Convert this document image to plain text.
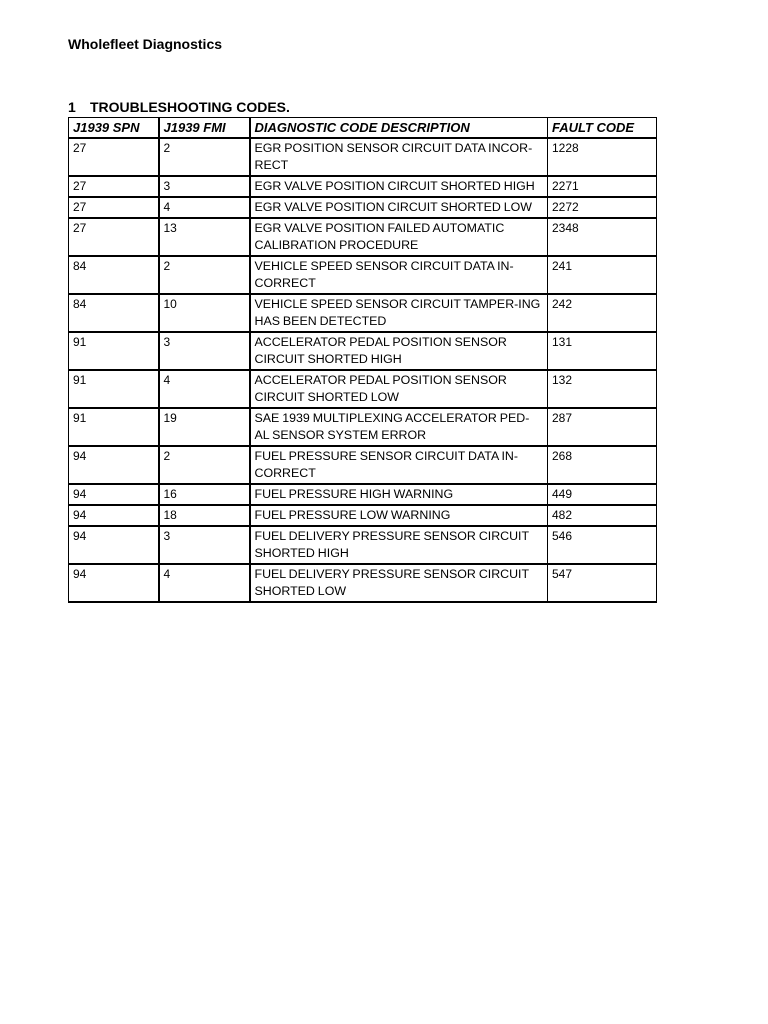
Wholefleet Diagnostics
1 TROUBLESHOOTING CODES.
J1939 SPN	J1939 FMI	DIAGNOSTIC CODE DESCRIPTION	FAULT CODE
27	2	EGR POSITION SENSOR CIRCUIT DATA INCOR-RECT	1228
27	3	EGR VALVE POSITION CIRCUIT SHORTED HIGH	2271
27	4	EGR VALVE POSITION CIRCUIT SHORTED LOW	2272
27	13	EGR VALVE POSITION FAILED AUTOMATIC CALIBRATION PROCEDURE	2348
84	2	VEHICLE SPEED SENSOR CIRCUIT DATA IN-CORRECT	241
84	10	VEHICLE SPEED SENSOR CIRCUIT TAMPER-ING HAS BEEN DETECTED	242
91	3	ACCELERATOR PEDAL POSITION SENSOR CIRCUIT SHORTED HIGH	131
91	4	ACCELERATOR PEDAL POSITION SENSOR CIRCUIT SHORTED LOW	132
91	19	SAE 1939 MULTIPLEXING ACCELERATOR PED-AL SENSOR SYSTEM ERROR	287
94	2	FUEL PRESSURE SENSOR CIRCUIT DATA IN-CORRECT	268
94	16	FUEL PRESSURE HIGH WARNING	449
94	18	FUEL PRESSURE LOW WARNING	482
94	3	FUEL DELIVERY PRESSURE SENSOR CIRCUIT SHORTED HIGH	546
94	4	FUEL DELIVERY PRESSURE SENSOR CIRCUIT SHORTED LOW	547
